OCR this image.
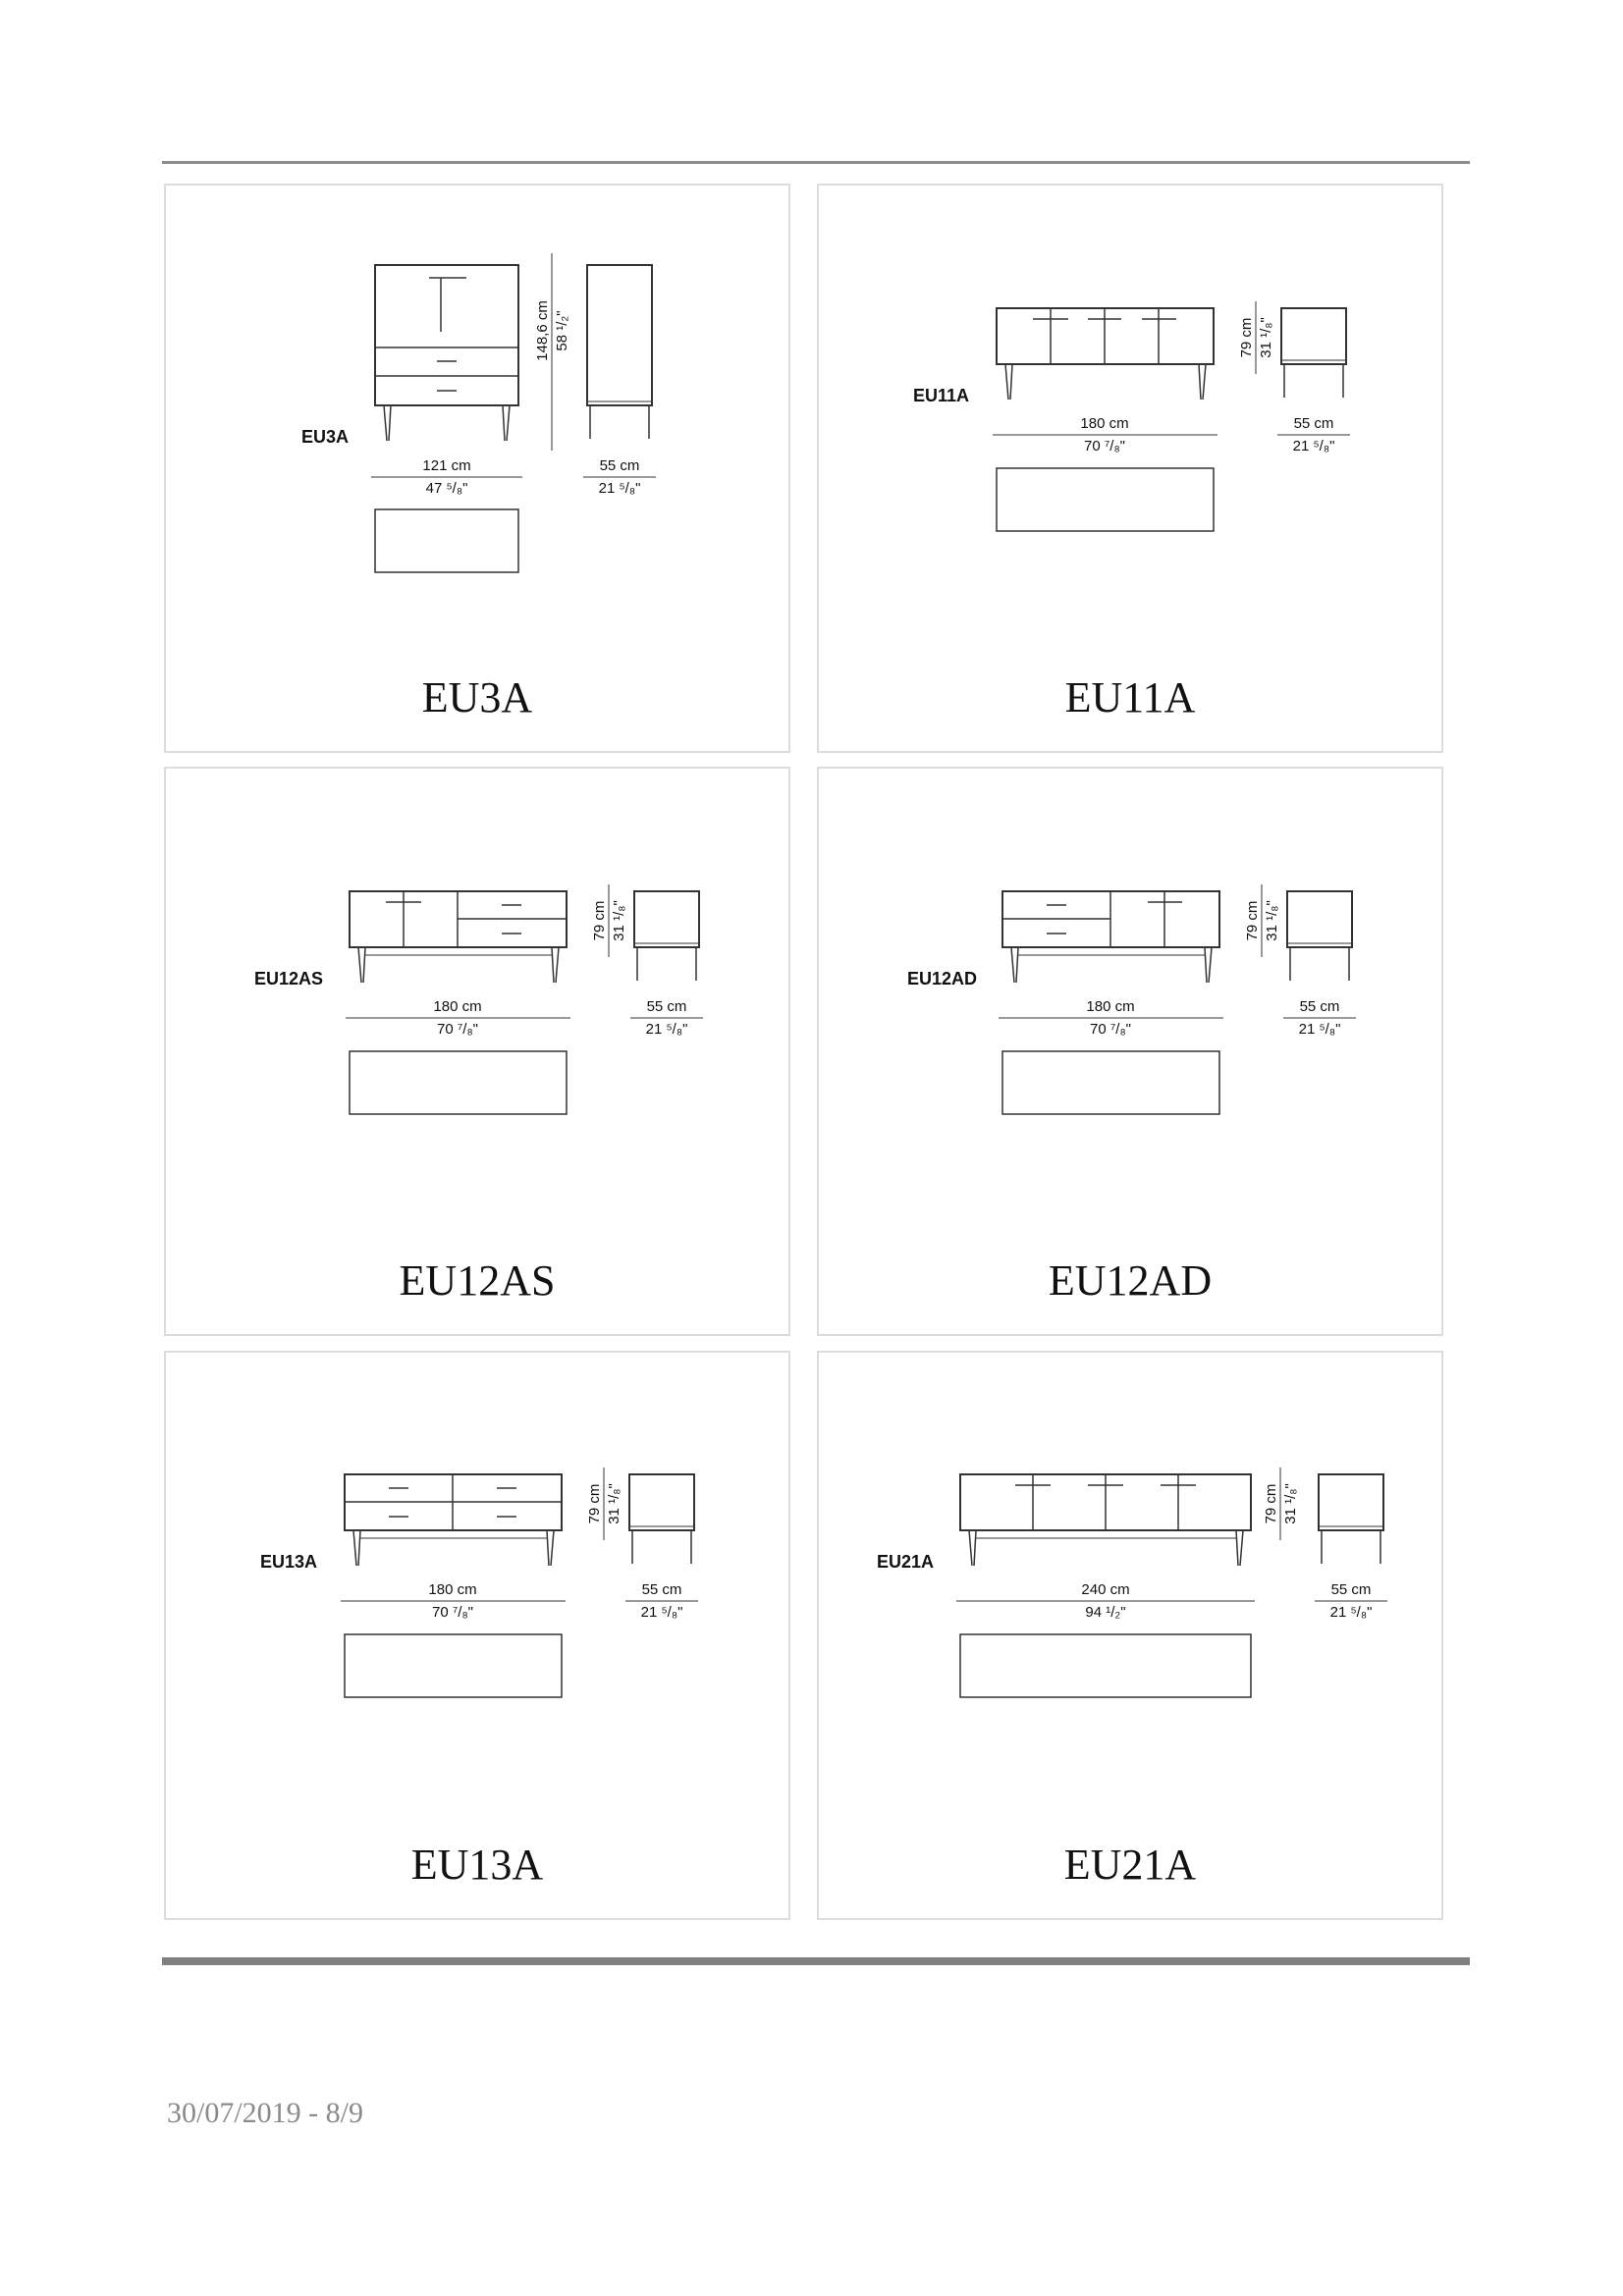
EU3A
121 cm
47 ⁵/₈"
55 cm
21 ⁵/₈"
148,6 cm 58 ¹/₂"
EU3A
EU11A
180 cm
70 ⁷/₈"
55 cm
21 ⁵/₈"
79 cm 31 ¹/₈"
EU11A
EU12AS
180 cm
70 ⁷/₈"
55 cm
21 ⁵/₈"
79 cm 31 ¹/₈"
EU12AS
EU12AD
180 cm
70 ⁷/₈"
55 cm
21 ⁵/₈"
79 cm 31 ¹/₈"
EU12AD
EU13A
180 cm
70 ⁷/₈"
55 cm
21 ⁵/₈"
79 cm 31 ¹/₈"
EU13A
EU21A
240 cm
94 ¹/₂"
55 cm
21 ⁵/₈"
79 cm 31 ¹/₈"
EU21A
30/07/2019 - 8/9
